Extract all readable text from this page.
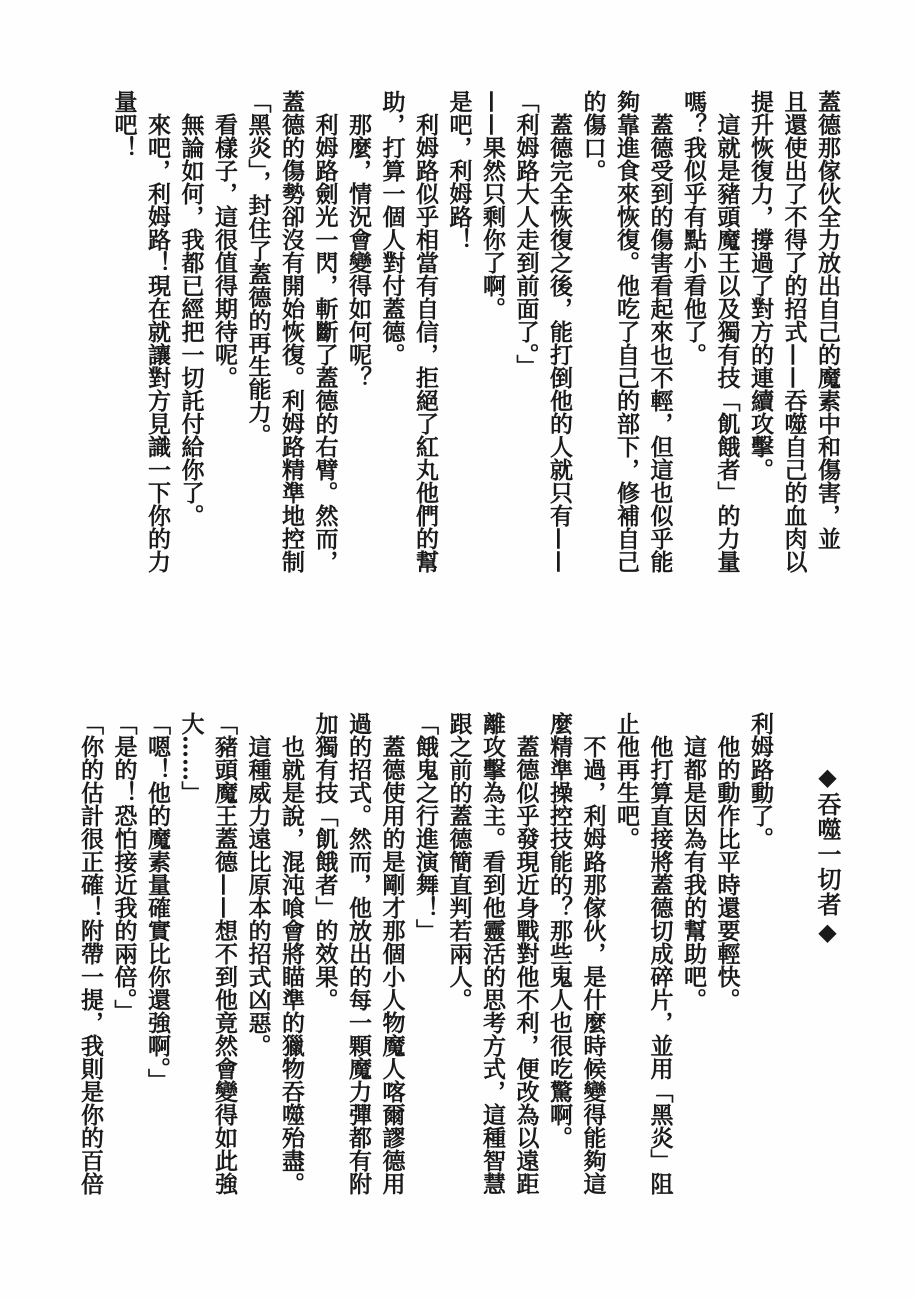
蓋德那傢伙全力放出自己的魔素中和傷害，並
且還使出了不得了的招式——吞噬自己的血肉以
提升恢復力，撐過了對方的連續攻擊。
　這就是豬頭魔王以及獨有技「飢餓者」的力量
嗎？我似乎有點小看他了。
　蓋德受到的傷害看起來也不輕，但這也似乎能
夠靠進食來恢復。他吃了自己的部下，修補自己
的傷口。
　蓋德完全恢復之後，能打倒他的人就只有——
「利姆路大人走到前面了。」
——果然只剩你了啊。
是吧，利姆路！
　利姆路似乎相當有自信，拒絕了紅丸他們的幫
助，打算一個人對付蓋德。
　那麼，情況會變得如何呢？
　利姆路劍光一閃，斬斷了蓋德的右臂。然而，
蓋德的傷勢卻沒有開始恢復。利姆路精準地控制
「黑炎」，封住了蓋德的再生能力。
　看樣子，這很值得期待呢。
　無論如何，我都已經把一切託付給你了。
　來吧，利姆路！現在就讓對方見識一下你的力
量吧！
　　◆吞噬一切者◆

利姆路動了。
　他的動作比平時還要輕快。
　這都是因為有我的幫助吧。
　他打算直接將蓋德切成碎片，並用「黑炎」阻
止他再生吧。
　不過，利姆路那傢伙，是什麼時候變得能夠這
麼精準操控技能的？那些鬼人也很吃驚啊。
　蓋德似乎發現近身戰對他不利，便改為以遠距
離攻擊為主。看到他靈活的思考方式，這種智慧
跟之前的蓋德簡直判若兩人。
「餓鬼之行進演舞！」
　蓋德使用的是剛才那個小人物魔人喀爾謬德用
過的招式。然而，他放出的每一顆魔力彈都有附
加獨有技「飢餓者」的效果。
　也就是說，混沌喰會將瞄準的獵物吞噬殆盡。
　這種威力遠比原本的招式凶惡。
「豬頭魔王蓋德——想不到他竟然會變得如此強
大……」
「嗯！他的魔素量確實比你還強啊。」
「是的！恐怕接近我的兩倍。」
「你的估計很正確！附帶一提，我則是你的百倍
